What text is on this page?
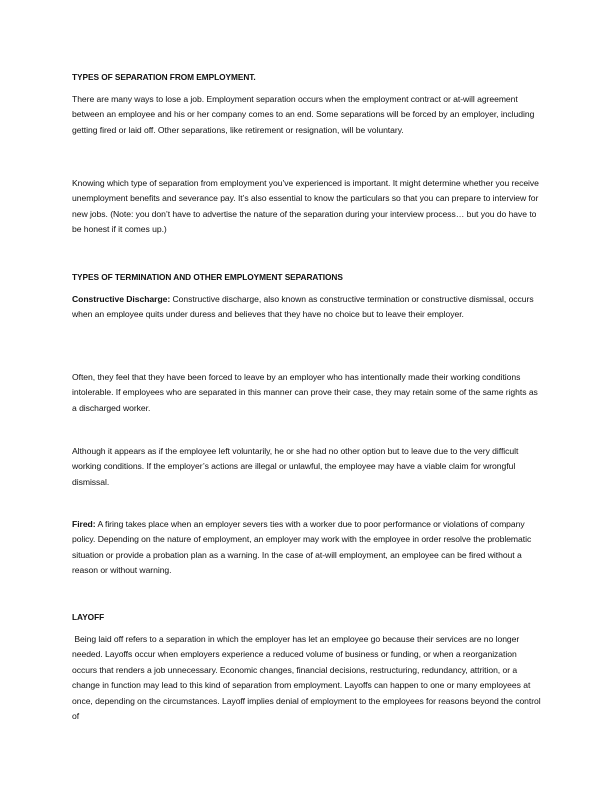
TYPES OF SEPARATION FROM EMPLOYMENT.
There are many ways to lose a job. Employment separation occurs when the employment contract or at-will agreement between an employee and his or her company comes to an end. Some separations will be forced by an employer, including getting fired or laid off. Other separations, like retirement or resignation, will be voluntary.
Knowing which type of separation from employment you’ve experienced is important. It might determine whether you receive unemployment benefits and severance pay. It’s also essential to know the particulars so that you can prepare to interview for new jobs. (Note: you don’t have to advertise the nature of the separation during your interview process… but you do have to be honest if it comes up.)
TYPES OF TERMINATION AND OTHER EMPLOYMENT SEPARATIONS
Constructive Discharge: Constructive discharge, also known as constructive termination or constructive dismissal, occurs when an employee quits under duress and believes that they have no choice but to leave their employer.
Often, they feel that they have been forced to leave by an employer who has intentionally made their working conditions intolerable. If employees who are separated in this manner can prove their case, they may retain some of the same rights as a discharged worker.
Although it appears as if the employee left voluntarily, he or she had no other option but to leave due to the very difficult working conditions. If the employer’s actions are illegal or unlawful, the employee may have a viable claim for wrongful dismissal.
Fired: A firing takes place when an employer severs ties with a worker due to poor performance or violations of company policy. Depending on the nature of employment, an employer may work with the employee in order resolve the problematic situation or provide a probation plan as a warning. In the case of at-will employment, an employee can be fired without a reason or without warning.
LAYOFF
Being laid off refers to a separation in which the employer has let an employee go because their services are no longer needed. Layoffs occur when employers experience a reduced volume of business or funding, or when a reorganization occurs that renders a job unnecessary. Economic changes, financial decisions, restructuring, redundancy, attrition, or a change in function may lead to this kind of separation from employment. Layoffs can happen to one or many employees at once, depending on the circumstances. Layoff implies denial of employment to the employees for reasons beyond the control of
